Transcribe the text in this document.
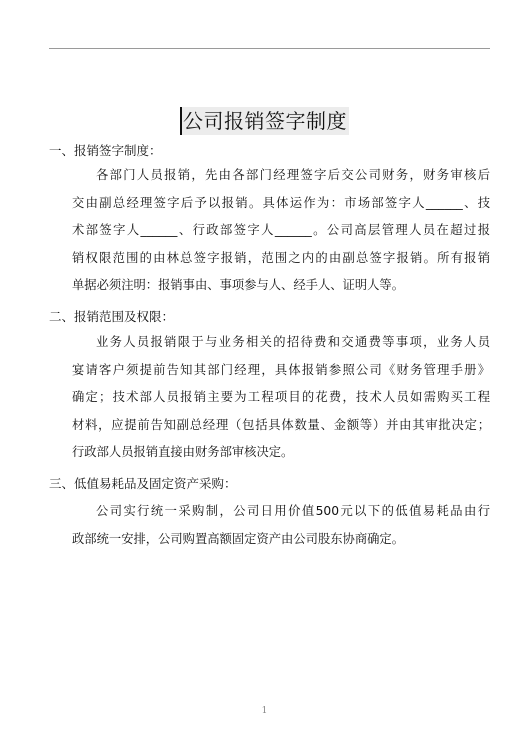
公司报销签字制度
一、报销签字制度：
各部门人员报销，先由各部门经理签字后交公司财务，财务审核后
交由副总经理签字后予以报销。具体运作为：市场部签字人______、技
术部签字人______、行政部签字人______。公司高层管理人员在超过报
销权限范围的由林总签字报销，范围之内的由副总签字报销。所有报销
单据必须注明：报销事由、事项参与人、经手人、证明人等。
二、报销范围及权限：
业务人员报销限于与业务相关的招待费和交通费等事项，业务人员
宴请客户须提前告知其部门经理，具体报销参照公司《财务管理手册》
确定；技术部人员报销主要为工程项目的花费，技术人员如需购买工程
材料，应提前告知副总经理（包括具体数量、金额等）并由其审批决定；
行政部人员报销直接由财务部审核决定。
三、低值易耗品及固定资产采购：
公司实行统一采购制，公司日用价值500元以下的低值易耗品由行
政部统一安排，公司购置高额固定资产由公司股东协商确定。
1
